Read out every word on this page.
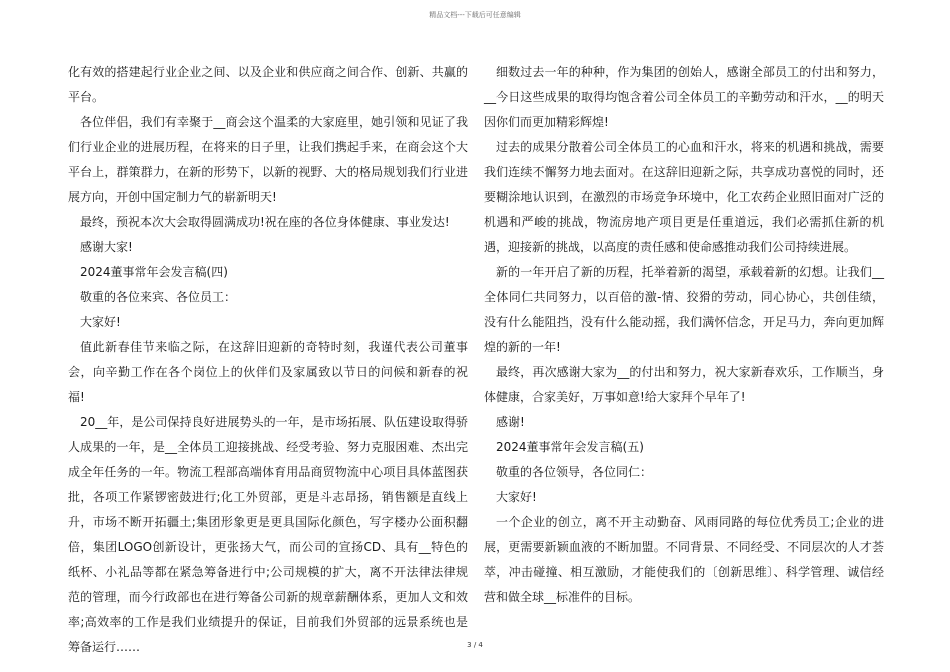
精品文档---下载后可任意编辑

化有效的搭建起行业企业之间、以及企业和供应商之间合作、创新、共赢的平台。

各位伴侣，我们有幸聚于__商会这个温柔的大家庭里，她引领和见证了我们行业企业的进展历程，在将来的日子里，让我们携起手来，在商会这个大平台上，群策群力，在新的形势下，以新的视野、大的格局规划我们行业进展方向，开创中国定制力气的崭新明天!

最终，预祝本次大会取得圆满成功!祝在座的各位身体健康、事业发达!

感谢大家!

2024董事常年会发言稿(四)

敬重的各位来宾、各位员工：

大家好!

值此新春佳节来临之际，在这辞旧迎新的奇特时刻，我谨代表公司董事会，向辛勤工作在各个岗位上的伙伴们及家属致以节日的问候和新春的祝福!

20__年，是公司保持良好进展势头的一年，是市场拓展、队伍建设取得骄人成果的一年，是__全体员工迎接挑战、经受考验、努力克服困难、杰出完成全年任务的一年。物流工程部高端体育用品商贸物流中心项目具体蓝图获批，各项工作紧锣密鼓进行;化工外贸部，更是斗志昂扬，销售额是直线上升，市场不断开拓疆土;集团形象更是更具国际化颜色，写字楼办公面积翻倍，集团LOGO创新设计，更张扬大气，而公司的宣扬CD、具有__特色的纸杯、小礼品等都在紧急筹备进行中;公司规模的扩大，离不开法律法律规范的管理，而今行政部也在进行筹备公司新的规章薪酬体系，更加人文和效率;高效率的工作是我们业绩提升的保证，目前我们外贸部的远景系统也是筹备运行……

细数过去一年的种种，作为集团的创始人，感谢全部员工的付出和努力，__今日这些成果的取得均饱含着公司全体员工的辛勤劳动和汗水，__的明天因你们而更加精彩辉煌!

过去的成果分散着公司全体员工的心血和汗水，将来的机遇和挑战，需要我们连续不懈努力地去面对。在这辞旧迎新之际，共享成功喜悦的同时，还要糊涂地认识到，在激烈的市场竞争环境中，化工农药企业照旧面对广泛的机遇和严峻的挑战，物流房地产项目更是任重道远，我们必需抓住新的机遇，迎接新的挑战，以高度的责任感和使命感推动我们公司持续进展。

新的一年开启了新的历程，托举着新的渴望，承载着新的幻想。让我们__全体同仁共同努力，以百倍的激-情、狡猾的劳动，同心协心，共创佳绩，没有什么能阻挡，没有什么能动摇，我们满怀信念，开足马力，奔向更加辉煌的新的一年!

最终，再次感谢大家为__的付出和努力，祝大家新春欢乐，工作顺当，身体健康，合家美好，万事如意!给大家拜个早年了!

感谢!

2024董事常年会发言稿(五)

敬重的各位领导，各位同仁：

大家好!

一个企业的创立，离不开主动勤奋、风雨同路的每位优秀员工;企业的进展，更需要新颖血液的不断加盟。不同背景、不同经受、不同层次的人才荟萃，冲击碰撞、相互激励，才能使我们的〔创新思维〕、科学管理、诚信经营和做全球__标准件的目标。

3 / 4
